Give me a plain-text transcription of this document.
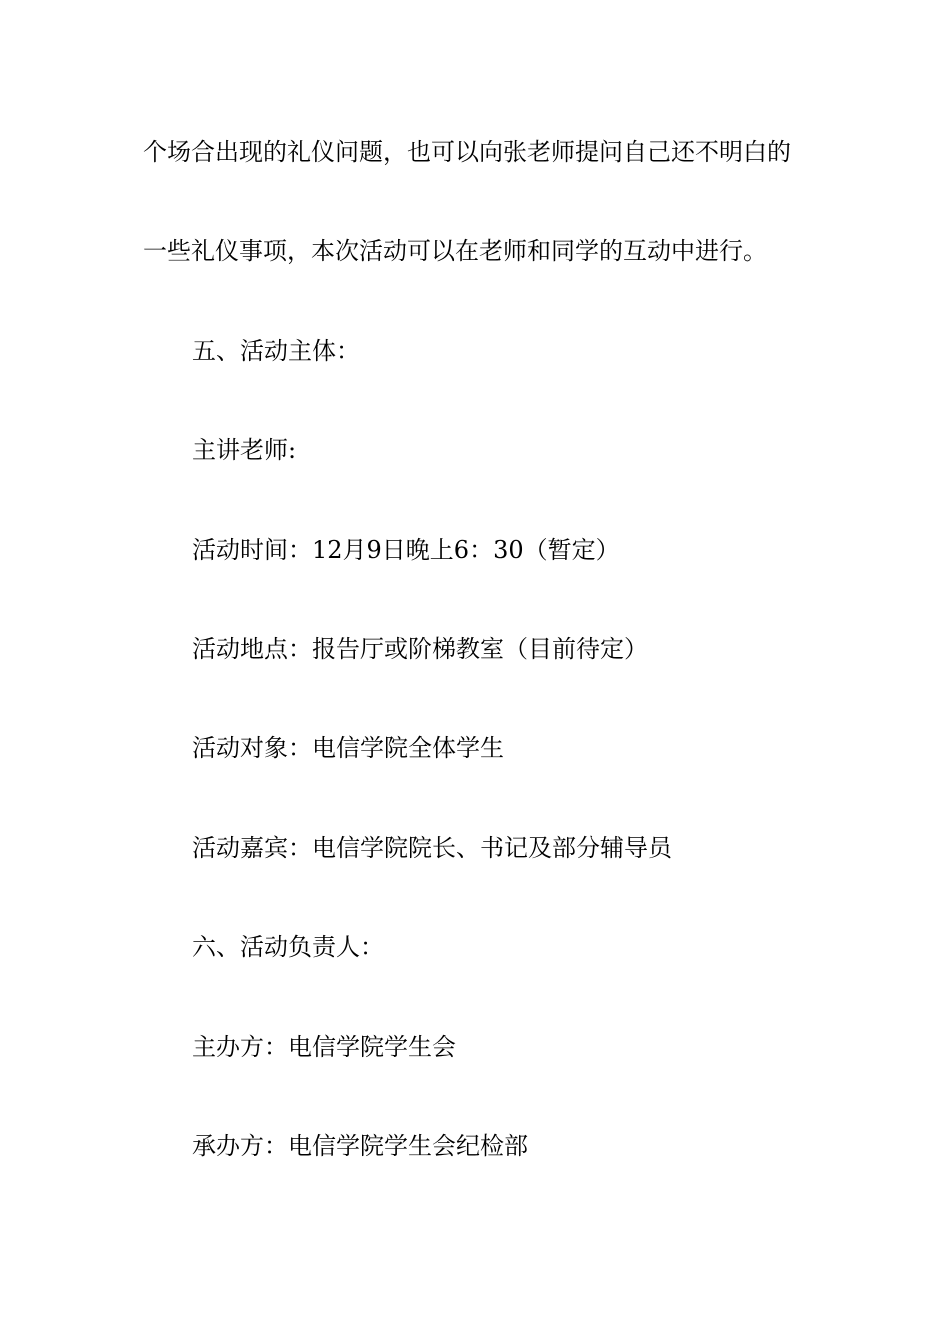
个场合出现的礼仪问题，也可以向张老师提问自己还不明白的
一些礼仪事项，本次活动可以在老师和同学的互动中进行。
五、活动主体：
主讲老师:
活动时间：12月9日晚上6：30（暂定）
活动地点：报告厅或阶梯教室（目前待定）
活动对象：电信学院全体学生
活动嘉宾：电信学院院长、书记及部分辅导员
六、活动负责人：
主办方：电信学院学生会
承办方：电信学院学生会纪检部
